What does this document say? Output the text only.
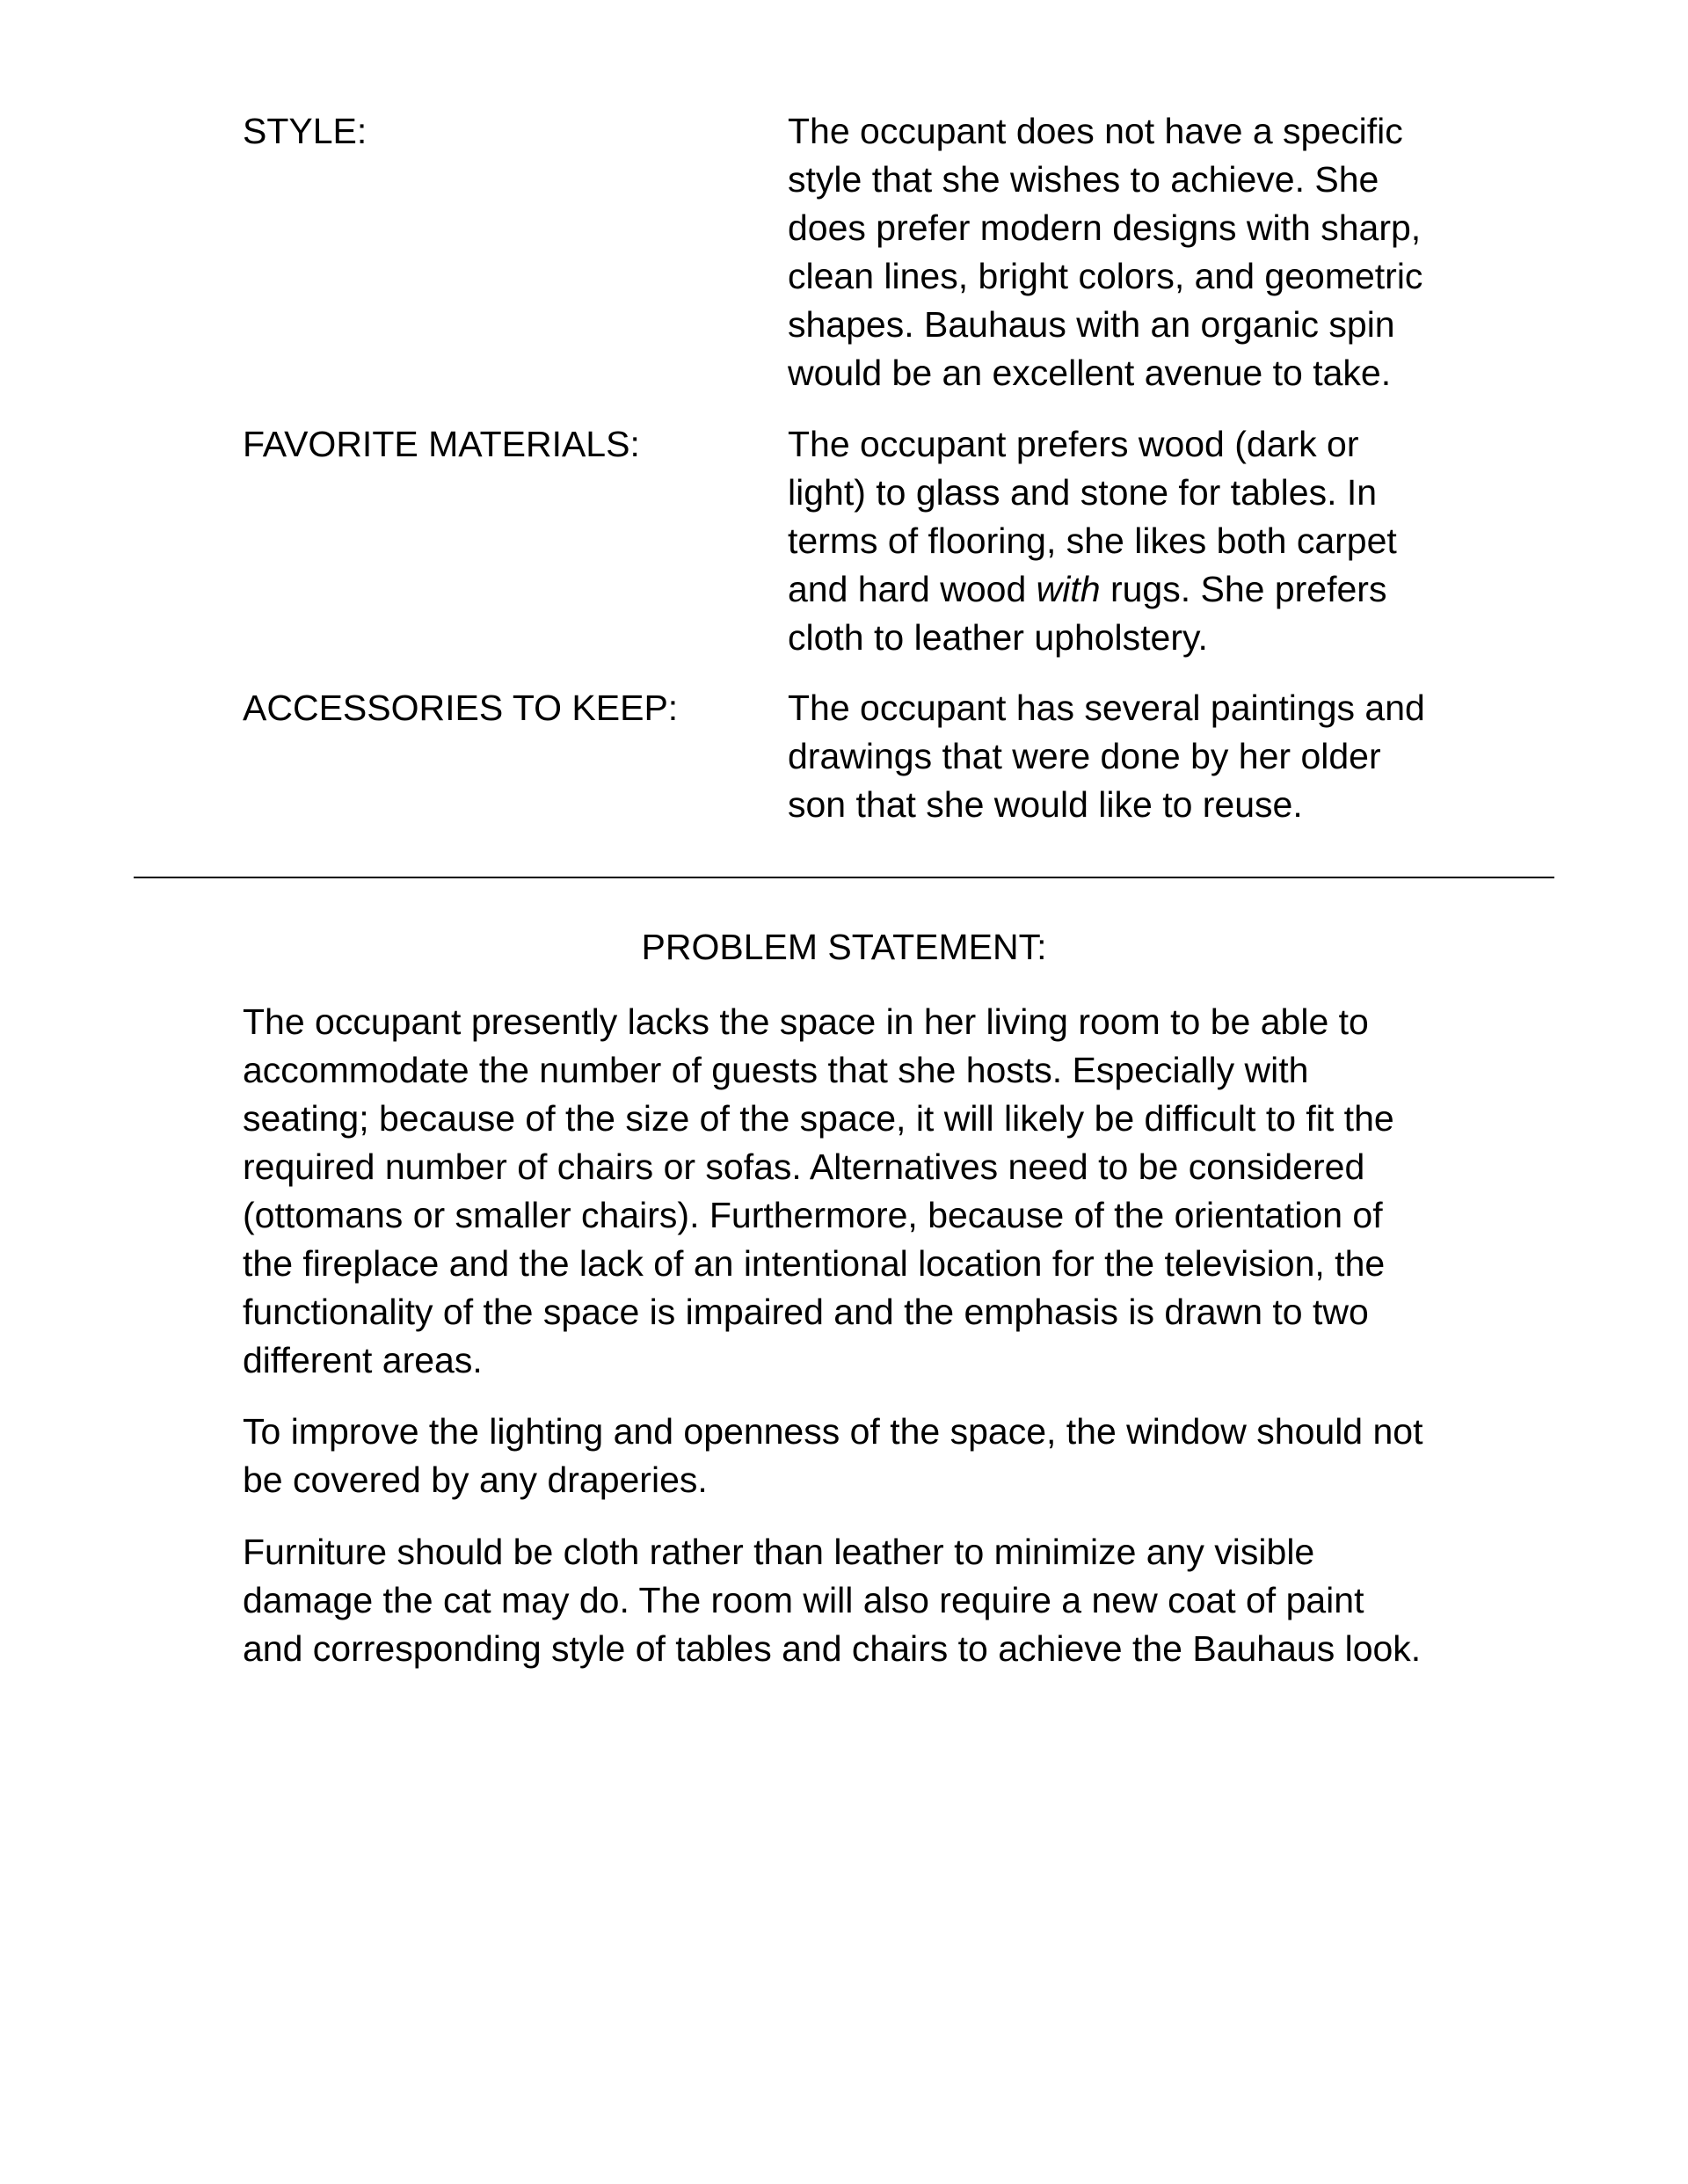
STYLE:	The occupant does not have a specific
style that she wishes to achieve. She
does prefer modern designs with sharp,
clean lines, bright colors, and geometric
shapes. Bauhaus with an organic spin
would be an excellent avenue to take.
FAVORITE MATERIALS:	The occupant prefers wood (dark or
light) to glass and stone for tables. In
terms of flooring, she likes both carpet
and hard wood with rugs. She prefers
cloth to leather upholstery.
ACCESSORIES TO KEEP:	The occupant has several paintings and
drawings that were done by her older
son that she would like to reuse.
PROBLEM STATEMENT:
The occupant presently lacks the space in her living room to be able to
accommodate the number of guests that she hosts. Especially with
seating; because of the size of the space, it will likely be difficult to fit the
required number of chairs or sofas. Alternatives need to be considered
(ottomans or smaller chairs). Furthermore, because of the orientation of
the fireplace and the lack of an intentional location for the television, the
functionality of the space is impaired and the emphasis is drawn to two
different areas.
To improve the lighting and openness of the space, the window should not
be covered by any draperies.
Furniture should be cloth rather than leather to minimize any visible
damage the cat may do. The room will also require a new coat of paint
and corresponding style of tables and chairs to achieve the Bauhaus look.
